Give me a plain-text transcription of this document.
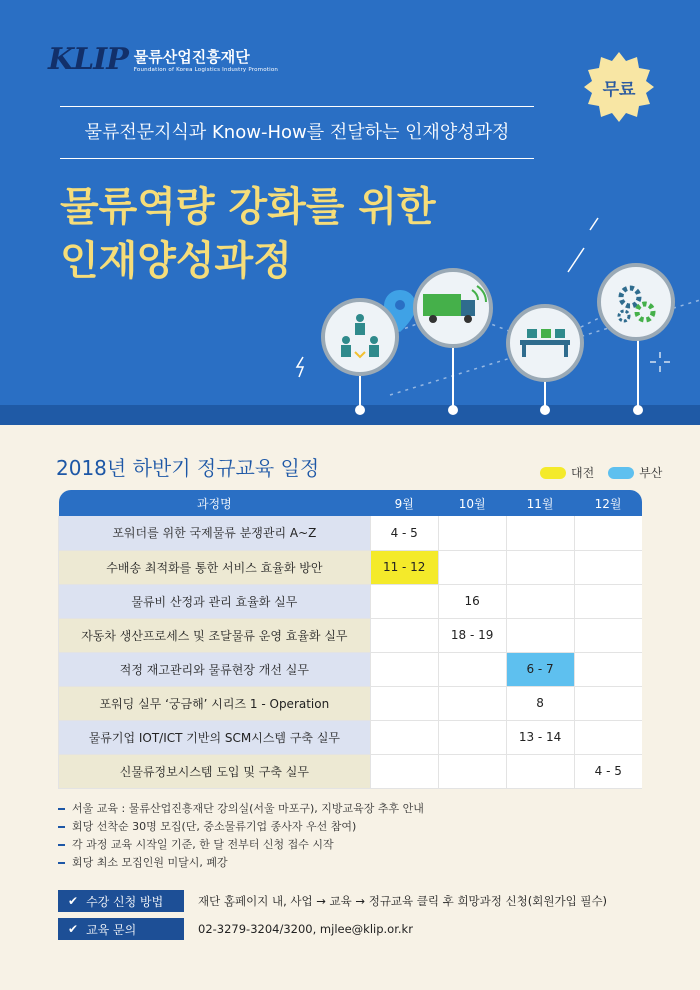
KLIP 물류산업진흥재단
Foundation of Korea Logistics Industry Promotion
무료
물류전문지식과 Know-How를 전달하는 인재양성과정
물류역량 강화를 위한
인재양성과정
2018년 하반기 정규교육 일정	대전	부산
과정명	9월	10월	11월	12월
포워더를 위한 국제물류 분쟁관리 A~Z	4 - 5			
수배송 최적화를 통한 서비스 효율화 방안	11 - 12			
물류비 산정과 관리 효율화 실무		16		
자동차 생산프로세스 및 조달물류 운영 효율화 실무		18 - 19		
적정 재고관리와 물류현장 개선 실무			6 - 7	
포워딩 실무 ‘궁금해’ 시리즈 1 - Operation			8	
물류기업 IOT/ICT 기반의 SCM시스템 구축 실무			13 - 14	
신물류정보시스템 도입 및 구축 실무				4 - 5
서울 교육 : 물류산업진흥재단 강의실(서울 마포구), 지방교육장 추후 안내
회당 선착순 30명 모집(단, 중소물류기업 종사자 우선 참여)
각 과정 교육 시작일 기준, 한 달 전부터 신청 접수 시작
회당 최소 모집인원 미달시, 폐강
✔ 수강 신청 방법	재단 홈페이지 내, 사업 → 교육 → 정규교육 클릭 후 희망과정 신청(회원가입 필수)
✔ 교육 문의	02-3279-3204/3200, mjlee@klip.or.kr
